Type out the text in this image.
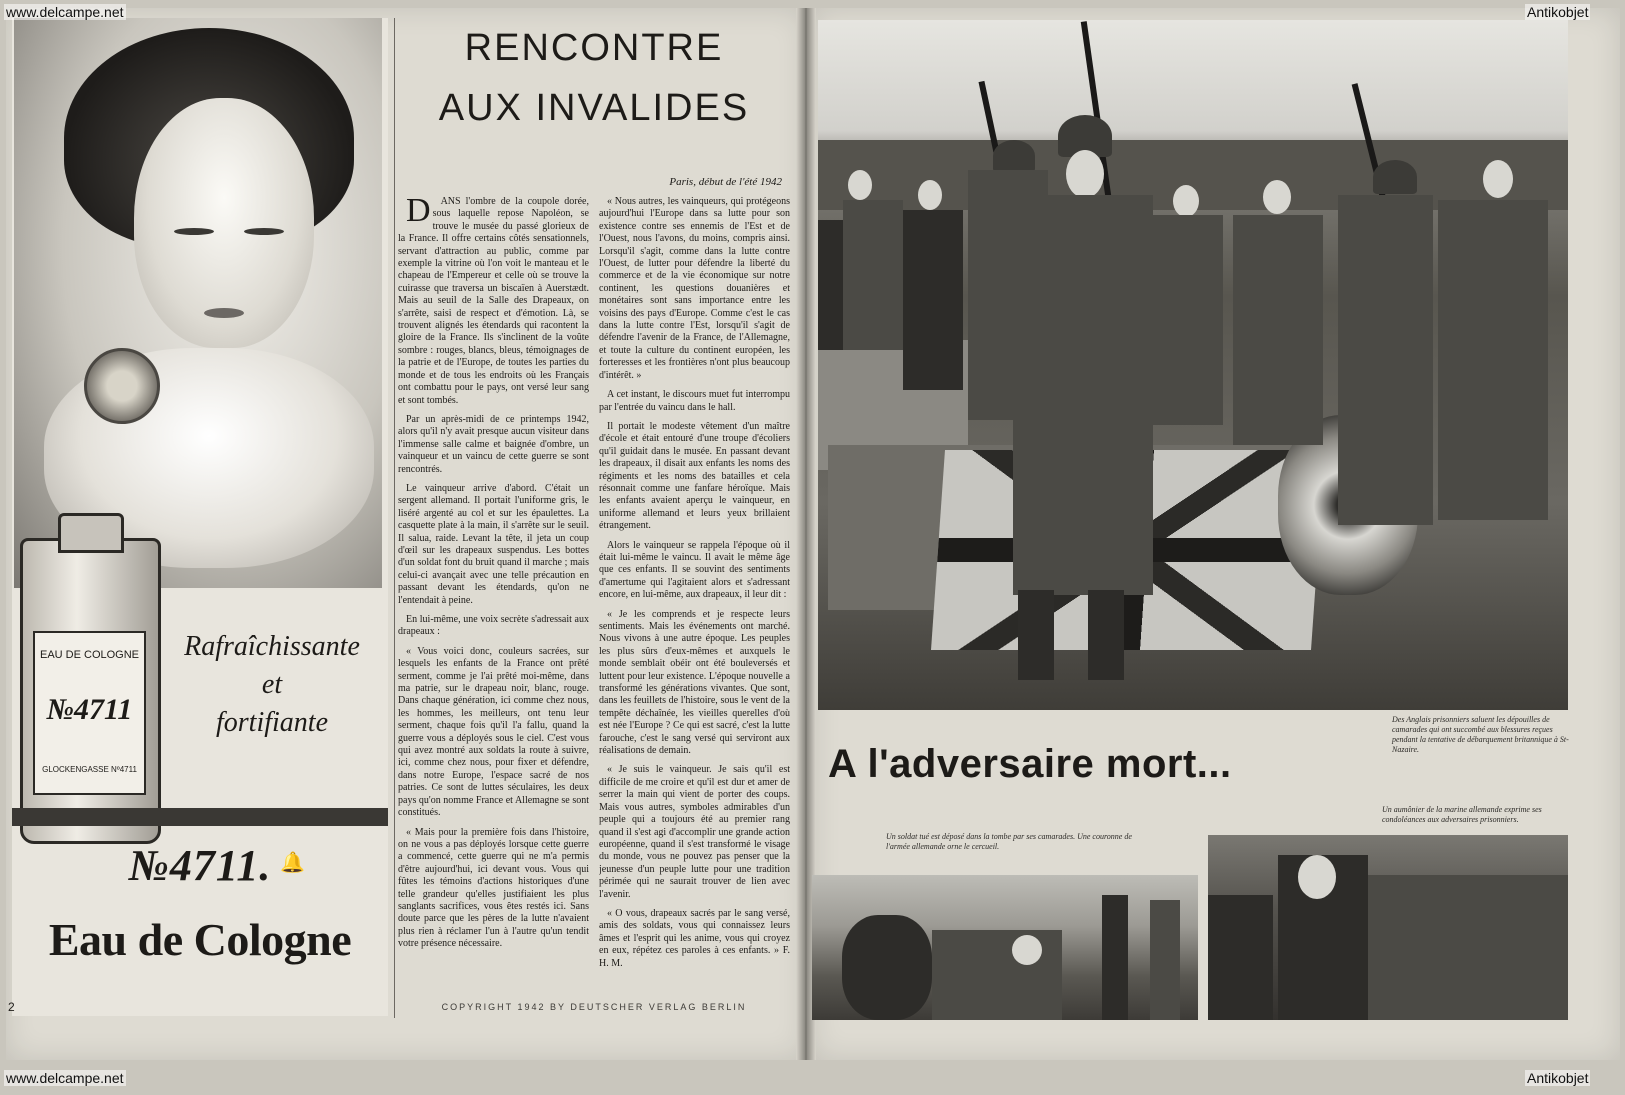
EAU DE COLOGNE
№4711
GLOCKENGASSE Nº4711
Rafraîchissante
et
fortifiante
№4711. 🔔
Eau de Cologne
2
RENCONTRE
AUX INVALIDES
Paris, début de l'été 1942

D ANS l'ombre de la coupole dorée, sous laquelle repose Napoléon, se trouve le musée du passé glorieux de la France. Il offre certains côtés sensationnels, servant d'attraction au public, comme par exemple la vitrine où l'on voit le manteau et le chapeau de l'Empereur et celle où se trouve la cuirasse que traversa un biscaïen à Auerstædt. Mais au seuil de la Salle des Drapeaux, on s'arrête, saisi de respect et d'émotion. Là, se trouvent alignés les étendards qui racontent la gloire de la France. Ils s'inclinent de la voûte sombre : rouges, blancs, bleus, témoignages de la patrie et de l'Europe, de toutes les parties du monde et de tous les endroits où les Français ont combattu pour le pays, ont versé leur sang et sont tombés.

Par un après-midi de ce printemps 1942, alors qu'il n'y avait presque aucun visiteur dans l'immense salle calme et baignée d'ombre, un vainqueur et un vaincu de cette guerre se sont rencontrés.

Le vainqueur arrive d'abord. C'était un sergent allemand. Il portait l'uniforme gris, le liséré argenté au col et sur les épaulettes. La casquette plate à la main, il s'arrête sur le seuil. Il salua, raide. Levant la tête, il jeta un coup d'œil sur les drapeaux suspendus. Les bottes d'un soldat font du bruit quand il marche ; mais celui-ci avançait avec une telle précaution en passant devant les étendards, qu'on ne l'entendait à peine.

En lui-même, une voix secrète s'adressait aux drapeaux :

« Vous voici donc, couleurs sacrées, sur lesquels les enfants de la France ont prêté serment, comme je l'ai prêté moi-même, dans ma patrie, sur le drapeau noir, blanc, rouge. Dans chaque génération, ici comme chez nous, les hommes, les meilleurs, ont tenu leur serment, chaque fois qu'il l'a fallu, quand la guerre vous a déployés sous le ciel. C'est vous qui avez montré aux soldats la route à suivre, ici, comme chez nous, pour fixer et défendre, dans notre Europe, l'espace sacré de nos patries. Ce sont de luttes séculaires, les deux pays qu'on nomme France et Allemagne se sont constitués.

« Mais pour la première fois dans l'histoire, on ne vous a pas déployés lorsque cette guerre a commencé, cette guerre qui ne m'a permis d'être aujourd'hui, ici devant vous. Vous qui fûtes les témoins d'actions historiques d'une telle grandeur qu'elles justifiaient les plus sanglants sacrifices, vous êtes restés ici. Sans doute parce que les pères de la lutte n'avaient plus rien à réclamer l'un à l'autre qu'un tendit votre présence nécessaire.

« Nous autres, les vainqueurs, qui protégeons aujourd'hui l'Europe dans sa lutte pour son existence contre ses ennemis de l'Est et de l'Ouest, nous l'avons, du moins, compris ainsi. Lorsqu'il s'agit, comme dans la lutte contre l'Ouest, de lutter pour défendre la liberté du commerce et de la vie économique sur notre continent, les questions douanières et monétaires sont sans importance entre les voisins des pays d'Europe. Comme c'est le cas dans la lutte contre l'Est, lorsqu'il s'agit de défendre l'avenir de la France, de l'Allemagne, et toute la culture du continent européen, les forteresses et les frontières n'ont plus beaucoup d'intérêt. »

A cet instant, le discours muet fut interrompu par l'entrée du vaincu dans le hall.

Il portait le modeste vêtement d'un maître d'école et était entouré d'une troupe d'écoliers qu'il guidait dans le musée. En passant devant les drapeaux, il disait aux enfants les noms des régiments et les noms des batailles et cela résonnait comme une fanfare héroïque. Mais les enfants avaient aperçu le vainqueur, en uniforme allemand et leurs yeux brillaient étrangement.

Alors le vainqueur se rappela l'époque où il était lui-même le vaincu. Il avait le même âge que ces enfants. Il se souvint des sentiments d'amertume qui l'agitaient alors et s'adressant encore, en lui-même, aux drapeaux, il leur dit :

« Je les comprends et je respecte leurs sentiments. Mais les événements ont marché. Nous vivons à une autre époque. Les peuples les plus sûrs d'eux-mêmes et auxquels le monde semblait obéir ont été bouleversés et luttent pour leur existence. L'époque nouvelle a transformé les générations vivantes. Que sont, dans les feuillets de l'histoire, sous le vent de la tempête déchaînée, les vieilles querelles d'où est née l'Europe ? Ce qui est sacré, c'est la lutte farouche, c'est le sang versé qui serviront aux réalisations de demain.

« Je suis le vainqueur. Je sais qu'il est difficile de me croire et qu'il est dur et amer de serrer la main qui vient de porter des coups. Mais vous autres, symboles admirables d'un peuple qui a toujours été au premier rang quand il s'est agi d'accomplir une grande action européenne, quand il s'est transformé le visage du monde, vous ne pouvez pas penser que la jeunesse d'un peuple lutte pour une tradition périmée qui ne saurait trouver de lien avec l'avenir.

« O vous, drapeaux sacrés par le sang versé, amis des soldats, vous qui connaissez leurs âmes et l'esprit qui les anime, vous qui croyez en eux, répétez ces paroles à ces enfants. » F. H. M.

COPYRIGHT 1942 BY DEUTSCHER VERLAG BERLIN
Des Anglais prisonniers saluent les dépouilles de camarades qui ont succombé aux blessures reçues pendant la tentative de débarquement britannique à St-Nazaire.
A l'adversaire mort...
Un soldat tué est déposé dans la tombe par ses camarades. Une couronne de l'armée allemande orne le cercueil.
Un aumônier de la marine allemande exprime ses condoléances aux adversaires prisonniers.
www.delcampe.net	Antikobjet
www.delcampe.net	Antikobjet
